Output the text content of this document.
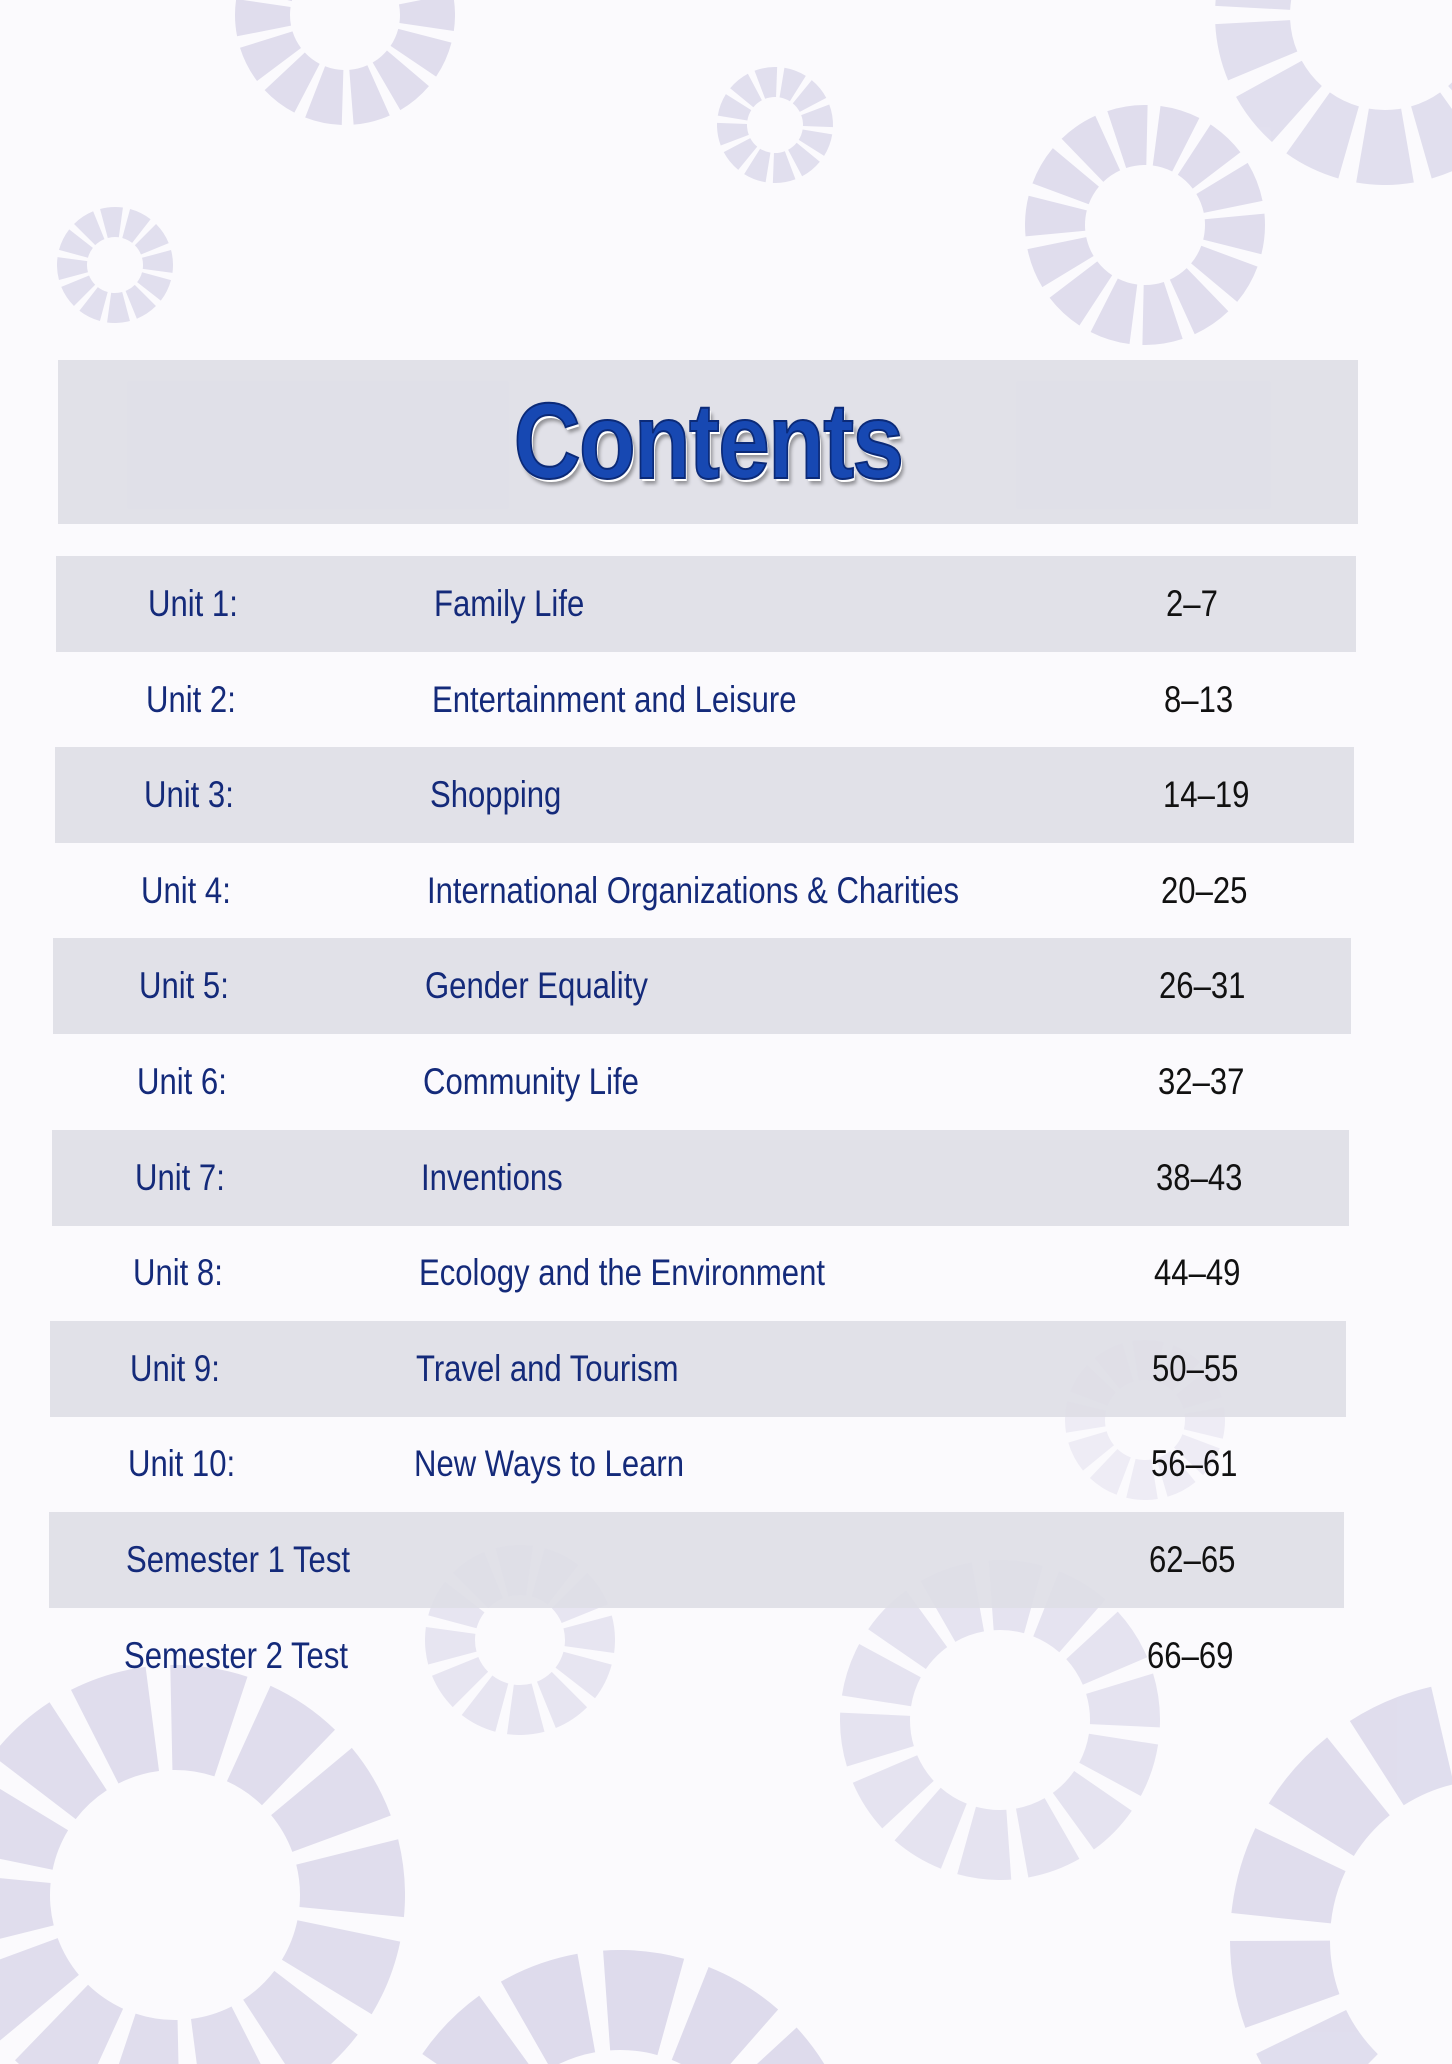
Contents
Unit 1:	Family Life	2–7
Unit 2:	Entertainment and Leisure	8–13
Unit 3:	Shopping	14–19
Unit 4:	International Organizations & Charities	20–25
Unit 5:	Gender Equality	26–31
Unit 6:	Community Life	32–37
Unit 7:	Inventions	38–43
Unit 8:	Ecology and the Environment	44–49
Unit 9:	Travel and Tourism	50–55
Unit 10:	New Ways to Learn	56–61
Semester 1 Test	62–65
Semester 2 Test	66–69
